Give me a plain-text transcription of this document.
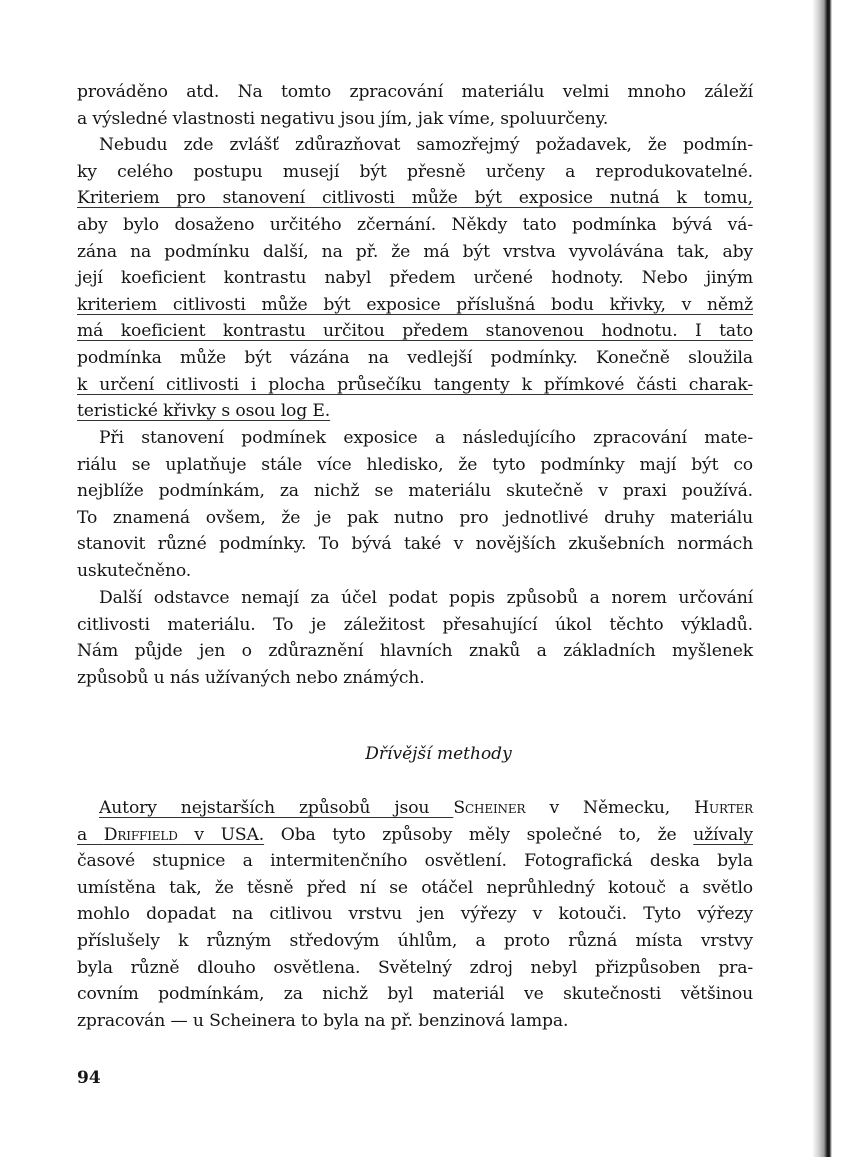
prováděno atd. Na tomto zpracování materiálu velmi mnoho záleží
a výsledné vlastnosti negativu jsou jím, jak víme, spoluurčeny.
Nebudu zde zvlášť zdůrazňovat samozřejmý požadavek, že podmín-
ky celého postupu musejí být přesně určeny a reprodukovatelné.
Kriteriem pro stanovení citlivosti může být exposice nutná k tomu,
aby bylo dosaženo určitého zčernání. Někdy tato podmínka bývá vá-
zána na podmínku další, na př. že má být vrstva vyvolávána tak, aby
její koeficient kontrastu nabyl předem určené hodnoty. Nebo jiným
kriteriem citlivosti může být exposice příslušná bodu křivky, v němž
má koeficient kontrastu určitou předem stanovenou hodnotu. I tato
podmínka může být vázána na vedlejší podmínky. Konečně sloužila
k určení citlivosti i plocha průsečíku tangenty k přímkové části charak-
teristické křivky s osou log E.
Při stanovení podmínek exposice a následujícího zpracování mate-
riálu se uplatňuje stále více hledisko, že tyto podmínky mají být co
nejblíže podmínkám, za nichž se materiálu skutečně v praxi používá.
To znamená ovšem, že je pak nutno pro jednotlivé druhy materiálu
stanovit různé podmínky. To bývá také v novějších zkušebních normách
uskutečněno.
Další odstavce nemají za účel podat popis způsobů a norem určování
citlivosti materiálu. To je záležitost přesahující úkol těchto výkladů.
Nám půjde jen o zdůraznění hlavních znaků a základních myšlenek
způsobů u nás užívaných nebo známých.
Dřívější methody
Autory nejstarších způsobů jsou Scheiner v Německu, Hurter
a Driffield v USA. Oba tyto způsoby měly společné to, že užívaly
časové stupnice a intermitenčního osvětlení. Fotografická deska byla
umístěna tak, že těsně před ní se otáčel neprůhledný kotouč a světlo
mohlo dopadat na citlivou vrstvu jen výřezy v kotouči. Tyto výřezy
příslušely k různým středovým úhlům, a proto různá místa vrstvy
byla různě dlouho osvětlena. Světelný zdroj nebyl přizpůsoben pra-
covním podmínkám, za nichž byl materiál ve skutečnosti většinou
zpracován — u Scheinera to byla na př. benzinová lampa.
94
